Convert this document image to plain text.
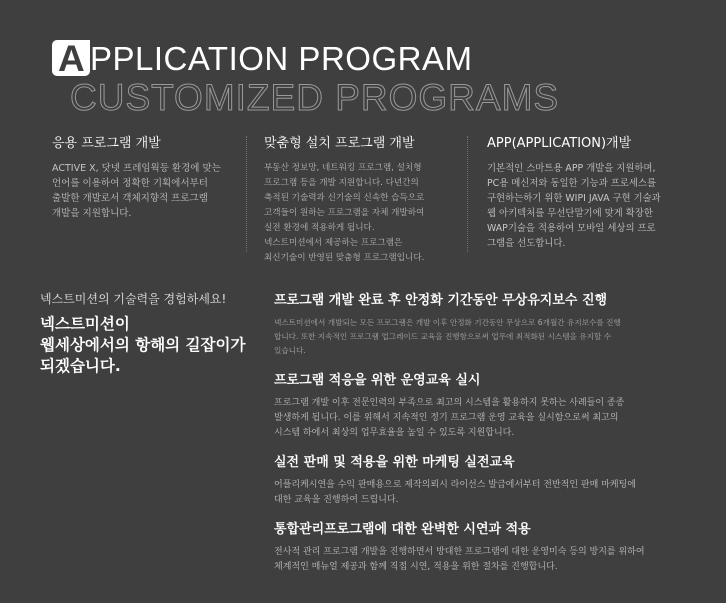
A PPLICATION PROGRAM
CUSTOMIZED PROGRAMS
응용 프로그램 개발

ACTIVE X, 닷넷 프레임웍등 환경에 맞는
언어를 이용하여 정확한 기획에서부터
출발한 개발로서 객체지향적 프로그램
개발을 지원합니다.

맞춤형 설치 프로그램 개발

부동산 정보망, 네트워킹 프로그램, 설치형
프로그램 등을 개발 지원합니다. 다년간의
축적된 기술력과 신기술의 신속한 습득으로
고객들이 원하는 프로그램을 자체 개발하여
실전 환경에 적용하게 됩니다.
넥스트미션에서 제공하는 프로그램은
최신기술이 반영된 맞춤형 프로그램입니다.

APP(APPLICATION)개발

기본적인 스마트용 APP 개발을 지원하며,
PC용 메신저와 동일한 기능과 프로세스를
구현하는하기 위한 WIPI JAVA 구현 기술과
웹 아키텍처를 무선단말기에 맞게 확장한
WAP기술을 적용하여 모바일 세상의 프로
그램을 선도합니다.

넥스트미션의 기술력을 경험하세요!
넥스트미션이
웹세상에서의 항해의 길잡이가
되겠습니다.
프로그램 개발 완료 후 안정화 기간동안 무상유지보수 진행

넥스트미션에서 개발되는 모든 프로그램은 개발 이후 안정화 기간동안 무상으로 6개월간 유지보수를 진행
합니다. 또한 지속적인 프로그램 업그레이드 교육을 진행함으로써 업무에 최적화된 시스템을 유지할 수
있습니다.

프로그램 적응을 위한 운영교육 실시

프로그램 개발 이후 전문인력의 부족으로 최고의 시스템을 활용하지 못하는 사례들이 종종
발생하게 됩니다. 이를 위해서 지속적인 정기 프로그램 운영 교육을 실시함으로써 최고의
시스템 하에서 최상의 업무효율을 높일 수 있도록 지원합니다.

실전 판매 및 적용을 위한 마케팅 실전교육

어플리케시연을 수익 판매용으로 제작의뢰시 라이선스 발급에서부터 전반적인 판매 마케팅에
대한 교육을 진행하여 드립니다.

통합관리프로그램에 대한 완벽한 시연과 적용

전사적 관리 프로그램 개발을 진행하면서 방대한 프로그램에 대한 운영미숙 등의 방지를 위하여
체계적인 매뉴얼 제공과 함께 직접 시연, 적용을 위한 절차를 진행합니다.
